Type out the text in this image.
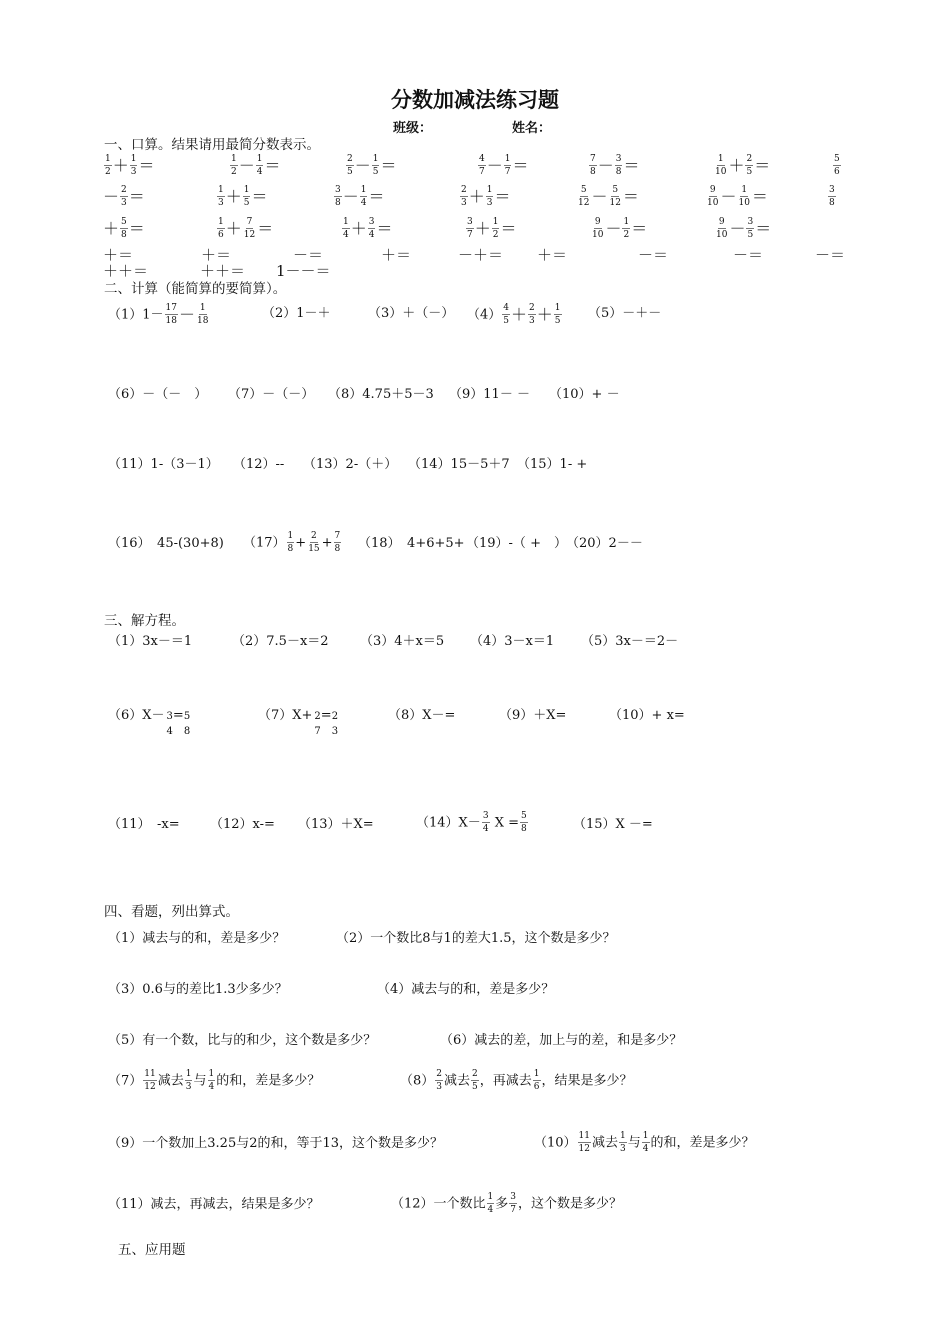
分数加减法练习题
班级：	姓名：
一、口算。结果请用最简分数表示。
$\frac{1}{2} + \frac{1}{3}$ ＝	$\frac{1}{2} - \frac{1}{4}$ ＝	$\frac{2}{5} - \frac{1}{5}$ ＝	$\frac{4}{7} - \frac{1}{7}$ ＝	$\frac{7}{8} - \frac{3}{8}$ ＝	$\frac{1}{10} + \frac{2}{5}$ ＝	$\frac{5}{6}$
－ $\frac{2}{3}$ ＝	$\frac{1}{3} + \frac{1}{5}$ ＝	$\frac{3}{8} - \frac{1}{4}$ ＝	$\frac{2}{3} + \frac{1}{3}$ ＝	$\frac{5}{12} - \frac{5}{12}$ ＝	$\frac{9}{10} - \frac{1}{10}$ ＝	$\frac{3}{8}$
＋ $\frac{5}{8}$ ＝	$\frac{1}{6} + \frac{7}{12}$ ＝	$\frac{1}{4} + \frac{3}{4}$ ＝	$\frac{3}{7} + \frac{1}{2}$ ＝	$\frac{9}{10} - \frac{1}{2}$ ＝	$\frac{9}{10} - \frac{3}{5}$ ＝
＋＝	＋＝	－＝	＋＝	－＋＝ ＋＝	－＝	－＝	－＝
＋＋＝	＋＋＝ 1－－＝
二、计算（能简算的要简算）。
$(1)1- \frac{17}{18} - \frac{1}{18}$	（2）1－＋	（3）＋（－） $(4) \frac{4}{5} + \frac{2}{3} + \frac{1}{5} (5)-+-$
（6）－（－　） （7）－（－） （8）4.75＋5－3 （9）11－ － （10）+ －
（11）1-（3－1） （12）-- （13）2-（＋） （14）15－5＋7 （15）1- +
（16）　45-(30+8) $(17) \frac{1}{8} + \frac{2}{15} + \frac{7}{8} (18)$　4+6+5+ （19）-（ +　） （20）2－－
三、解方程。
（1）3x－＝1	（2）7.5－x＝2 （3）4＋x＝5 （4）3－x＝1 （5）3x－＝2－
（6）X－ 3
4=5
8
（7）X+ 2
7=2
3
（8）X－=	（9）＋X=	（10）+ x=
（11）　-x= （12）x-= （13）＋X=	$(14)X- \frac{3}{4}$ $X = \frac{5}{8}$	（15）X －=
四、看题，列出算式。
（1）减去与的和，差是多少？	（2）一个数比8与1的差大1.5，这个数是多少？
（3）0.6与的差比1.3少多少？	（4）减去与的和，差是多少？
（5）有一个数，比与的和少，这个数是多少？	（6）减去的差，加上与的差，和是多少？
$(7) \frac{11}{12}$ 减去 $\frac{1}{3}$ 与 $\frac{1}{4}$ 的和，差是多少？	$(8) \frac{2}{3}$ 减去 $\frac{2}{5}$ ，再减去 $\frac{1}{6}$ ，结果是多少？
（9）一个数加上3.25与2的和，等于13，这个数是多少？	$(10) \frac{11}{12}$ 减去 $\frac{1}{3}$ 与 $\frac{1}{4}$ 的和，差是多少？
（11）减去，再减去，结果是多少？	（12）一个数比 $\frac{1}{4}$ 多 $\frac{3}{7}$ ，这个数是多少？
五、应用题
